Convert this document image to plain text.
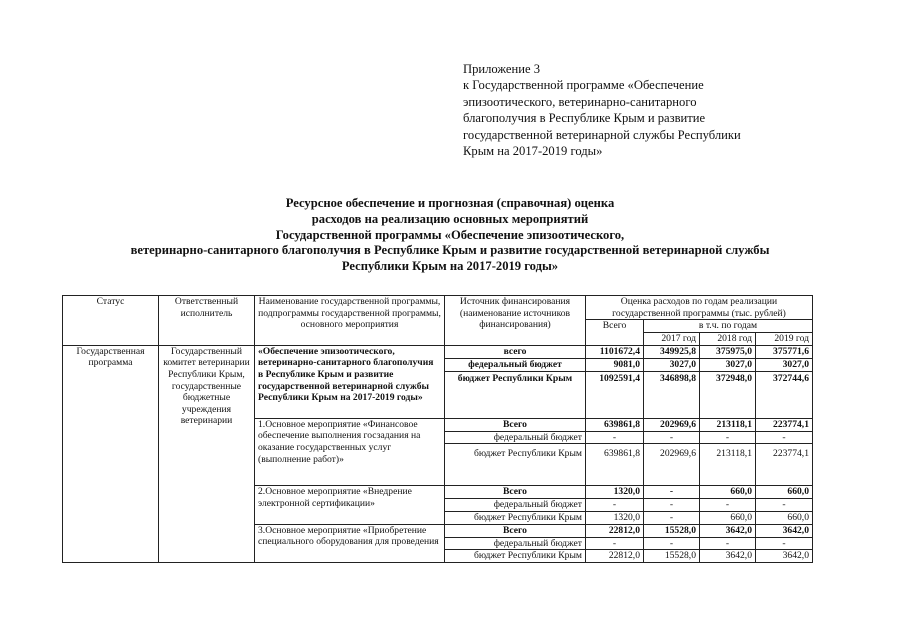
Приложение 3
к Государственной программе «Обеспечение
эпизоотического, ветеринарно-санитарного
благополучия в Республике Крым и развитие
государственной ветеринарной службы Республики
Крым на 2017-2019 годы»
Ресурсное обеспечение и прогнозная (справочная) оценка
расходов на реализацию основных мероприятий
Государственной программы «Обеспечение эпизоотического,
ветеринарно-санитарного благополучия в Республике Крым и развитие государственной ветеринарной службы
Республики Крым на 2017-2019 годы»
Статус	Ответственный исполнитель	Наименование государственной программы, подпрограммы государственной программы, основного мероприятия	Источник финансирования (наименование источников финансирования)	Оценка расходов по годам реализации государственной программы (тыс. рублей)			
				Всего	в т.ч. по годам		
					2017 год	2018 год	2019 год
Государственная программа	Государственный комитет ветеринарии Республики Крым, государственные бюджетные учреждения ветеринарии	«Обеспечение эпизоотического, ветеринарно-санитарного благополучия в Республике Крым и развитие государственной ветеринарной службы Республики Крым на 2017-2019 годы»	всего	1101672,4	349925,8	375975,0	375771,6
			федеральный бюджет	9081,0	3027,0	3027,0	3027,0
			бюджет Республики Крым	1092591,4	346898,8	372948,0	372744,6
		1.Основное мероприятие «Финансовое обеспечение выполнения госзадания на оказание государственных услуг (выполнение работ)»	Всего	639861,8	202969,6	213118,1	223774,1
			федеральный бюджет	-	-	-	-
			бюджет Республики Крым	639861,8	202969,6	213118,1	223774,1
		2.Основное мероприятие «Внедрение электронной сертификации»	Всего	1320,0	-	660,0	660,0
			федеральный бюджет	-	-	-	-
			бюджет Республики Крым	1320,0	-	660,0	660,0
		3.Основное мероприятие «Приобретение специального оборудования для проведения	Всего	22812,0	15528,0	3642,0	3642,0
			федеральный бюджет	-	-	-	-
			бюджет Республики Крым	22812,0	15528,0	3642,0	3642,0
